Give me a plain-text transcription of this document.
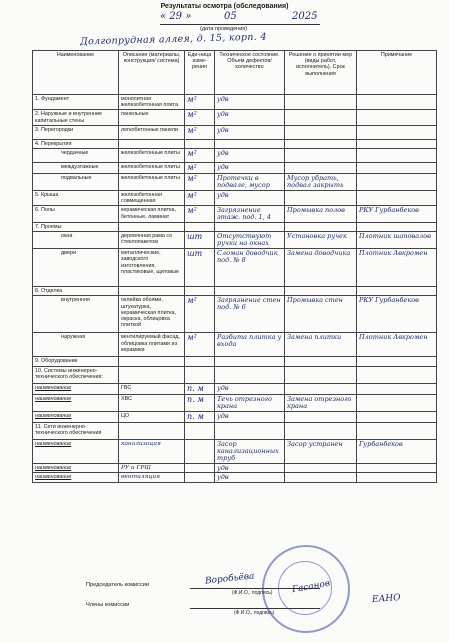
Результаты осмотра (обследования)
« 29 »	05	2025
(дата проведения)
Долгопрудная аллея, д. 15, корп. 4
Наименование	Описание (материалы, конструкция/ система)	Еди-ница изме-рения	Техническое состояние. Объем дефектов/ количество	Решение о принятии мер (виды работ, исполнитель). Срок выполнения	Примечание
1. Фундамент	монолитная железобетонная плита	м²	удв		
2. Наружные и внутренние капитальные стены	панельные	м²	удв		
3. Перегородки	легкобетонные панели	м²	удв		
4. Перекрытия					
чердачные	железобетонные плиты	м²	удв		
междуэтажные	железобетонные плиты	м²	удв		
подвальные	железобетонные плиты	м²	Протечки в подвале, мусор	Мусор убрать, подвал закрыть	
5. Крыша	железобетонная совмещенная	м²	удв		
6. Полы	керамическая плитка, бетонные, ламинат	м²	Загрязнение этаж. под. 1, 4	Промывка полов	РКУ Гурбанбеков
7. Проемы					
окна	деревянная рама со стеклопакетом	шт	Отсутствуют ручки на окнах	Установка ручек	Плотник шаповалов
двери	металлические, заводского изготовления, пластиковые, щитовые	шт	Сломан доводчик под. № 8	Замена доводчика	Плотник Авкромен
8. Отделка					
внутренняя	оклейка обоями, штукатурка, керамическая плитка, окраска, облицовка плиткой	м²	Загрязнение стен под. № 6	Промывка стен	РКУ Гурбанбеков
наружная	вентилируемый фасад, облицовка плитами из керамики	м²	Разбита плитка у входа	Замена плитки	Плотник Авкромен
9. Оборудование					
10. Системы инженерно-технического обеспечения:					
наименование	ГВС	п. м	удв		
наименование	ХВС	п. м	Течь отрезного крана	Замена отрезного крана	
наименование	ЦО	п. м	удв		
11. Сети инженерно-технического обеспечения					
наименование	канализация		Засор канализационных труб	Засор устранен	Гурбанбеков
наименование	РУ и ГРЩ		удв		
наименование	вентиляция		удв		
Председатель комиссии	Воробьёва
(Ф.И.О., подпись)
Члены комиссии
Гасанов
ЕАНО
(Ф.И.О., подпись)
